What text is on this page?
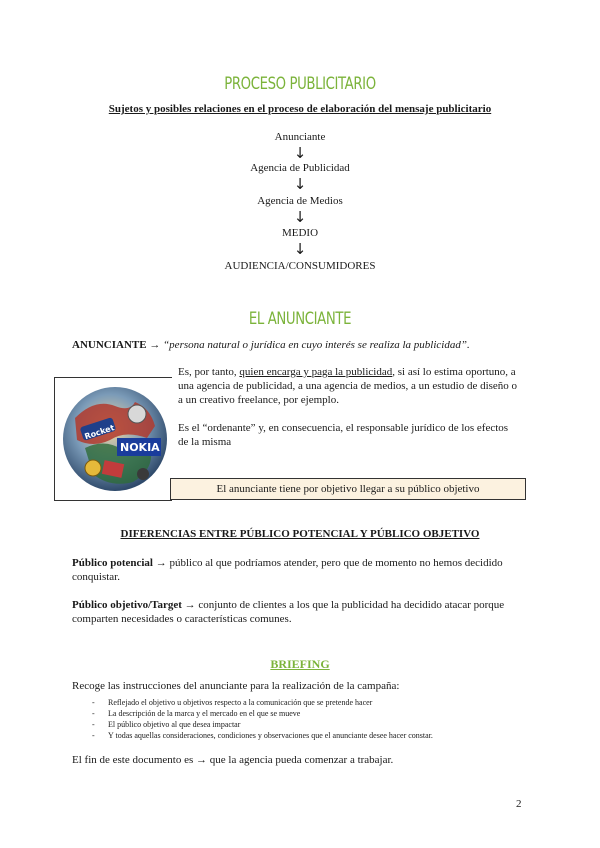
PROCESO PUBLICITARIO
Sujetos y posibles relaciones en el proceso de elaboración del mensaje publicitario
Anunciante
↓
Agencia de Publicidad
↓
Agencia de Medios
↓
MEDIO
↓
AUDIENCIA/CONSUMIDORES
EL ANUNCIANTE
ANUNCIANTE → “persona natural o jurídica en cuyo interés se realiza la publicidad”.
Es, por tanto, quien encarga y paga la publicidad, si así lo estima oportuno, a una agencia de publicidad, a una agencia de medios, a un estudio de diseño o a un creativo freelance, por ejemplo.
Es el “ordenante” y, en consecuencia, el responsable jurídico de los efectos de la misma
Rocket
NOKIA
El anunciante tiene por objetivo llegar a su público objetivo
DIFERENCIAS ENTRE PÚBLICO POTENCIAL Y PÚBLICO OBJETIVO
Público potencial → público al que podríamos atender, pero que de momento no hemos decidido conquistar.
Público objetivo/Target → conjunto de clientes a los que la publicidad ha decidido atacar porque comparten necesidades o características comunes.
BRIEFING
Recoge las instrucciones del anunciante para la realización de la campaña:
- Reflejado el objetivo u objetivos respecto a la comunicación que se pretende hacer
- La descripción de la marca y el mercado en el que se mueve
- El público objetivo al que desea impactar
- Y todas aquellas consideraciones, condiciones y observaciones que el anunciante desee hacer constar.
El fin de este documento es → que la agencia pueda comenzar a trabajar.
2
